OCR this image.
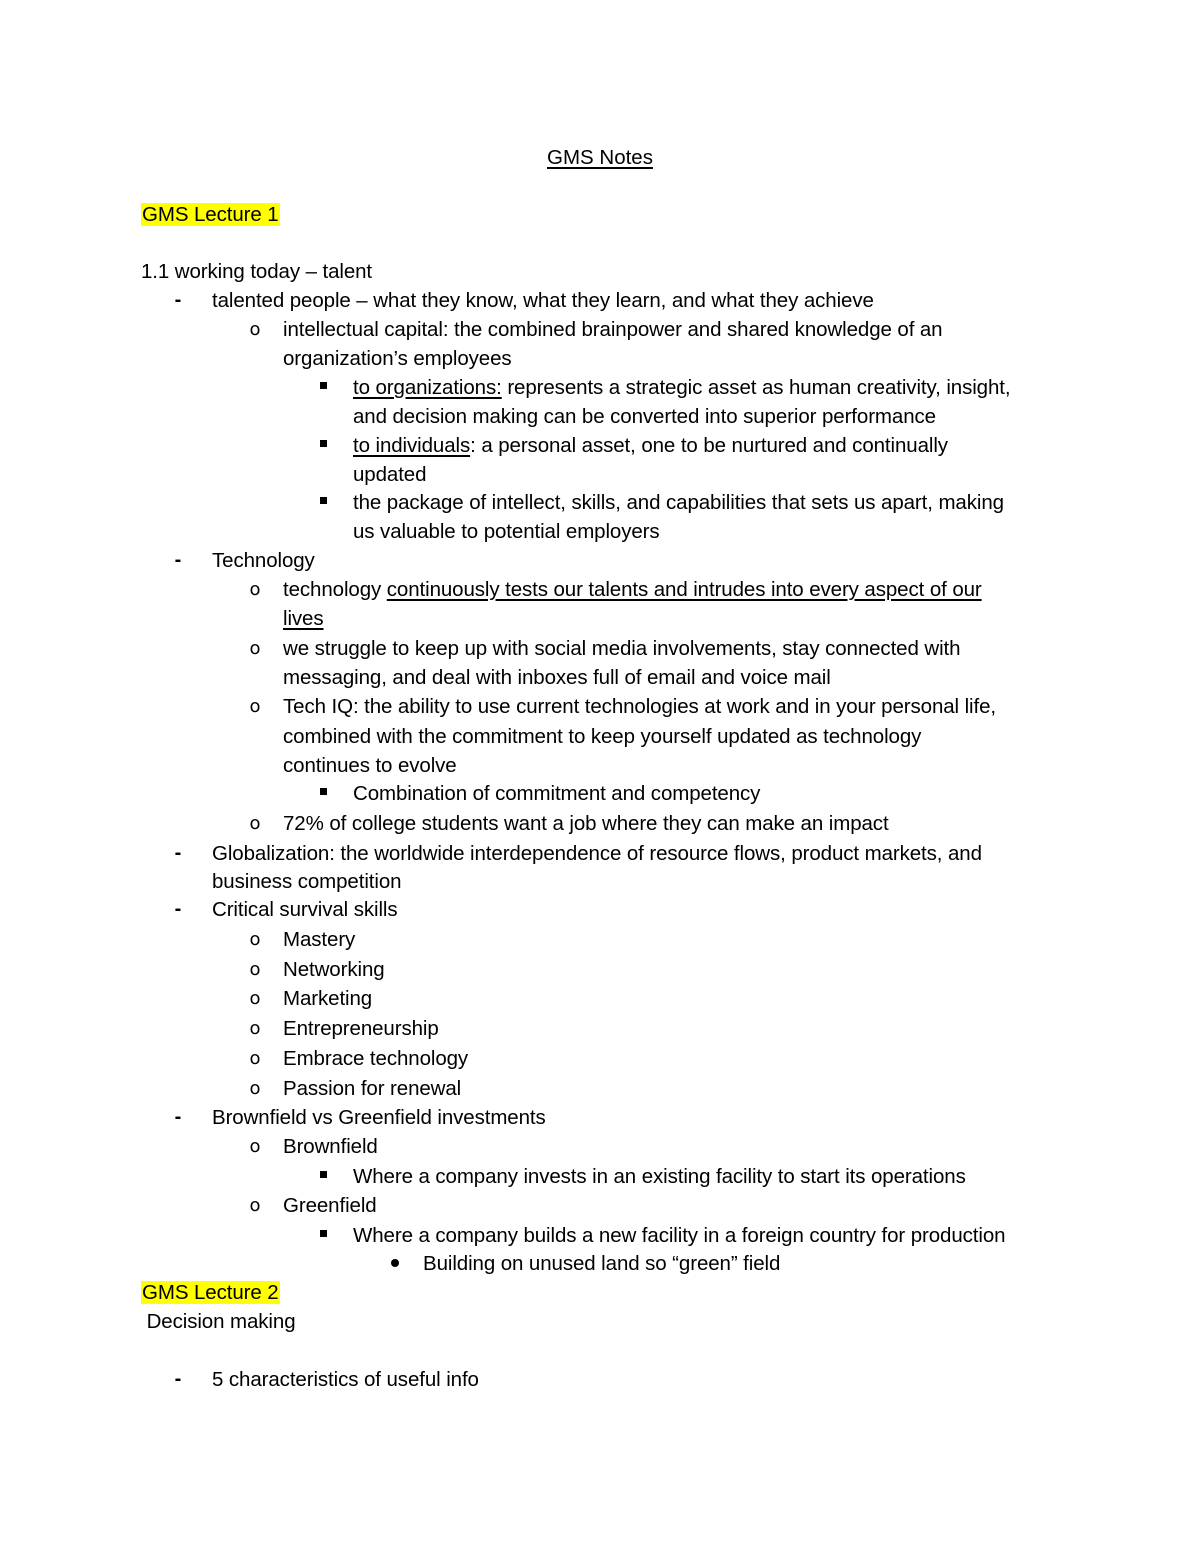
GMS Notes
GMS Lecture 1
1.1 working today – talent
-	talented people – what they know, what they learn, and what they achieve
o intellectual capital: the combined brainpower and shared knowledge of an
organization’s employees
to organizations: represents a strategic asset as human creativity, insight,
and decision making can be converted into superior performance
to individuals: a personal asset, one to be nurtured and continually
updated
the package of intellect, skills, and capabilities that sets us apart, making
us valuable to potential employers
-	Technology
o technology continuously tests our talents and intrudes into every aspect of our
lives
o we struggle to keep up with social media involvements, stay connected with
messaging, and deal with inboxes full of email and voice mail
o Tech IQ: the ability to use current technologies at work and in your personal life,
combined with the commitment to keep yourself updated as technology
continues to evolve
Combination of commitment and competency
o 72% of college students want a job where they can make an impact
-	Globalization: the worldwide interdependence of resource flows, product markets, and
business competition
-	Critical survival skills
o Mastery
o Networking
o Marketing
o Entrepreneurship
o Embrace technology
o Passion for renewal
-	Brownfield vs Greenfield investments
o Brownfield
Where a company invests in an existing facility to start its operations
o Greenfield
Where a company builds a new facility in a foreign country for production
Building on unused land so “green” field
GMS Lecture 2
Decision making
-	5 characteristics of useful info
